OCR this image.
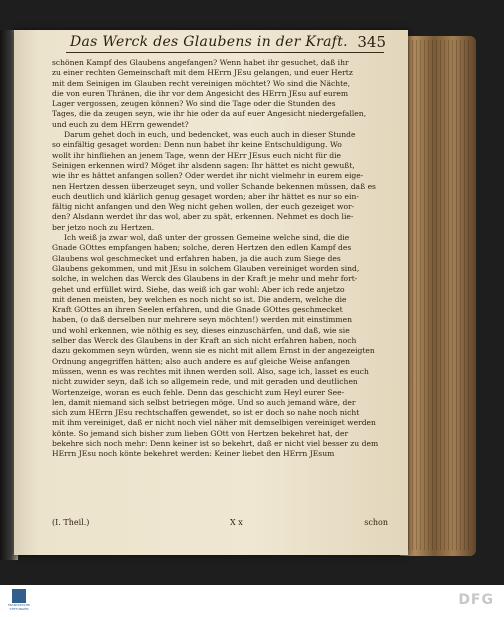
Das Werck des Glaubens in der Kraft. 345
schönen Kampf des Glaubens angefangen? Wenn habet ihr gesuchet, daß ihr
zu einer rechten Gemeinschaft mit dem HErrn JEsu gelangen, und euer Hertz
mit dem Seinigen im Glauben recht vereinigen möchtet? Wo sind die Nächte,
die von euren Thränen, die ihr vor dem Angesicht des HErrn JEsu auf eurem
Lager vergossen, zeugen können? Wo sind die Tage oder die Stunden des
Tages, die da zeugen seyn, wie ihr hie oder da auf euer Angesicht niedergefallen,
und euch zu dem HErrn gewendet?
Darum gehet doch in euch, und bedencket, was euch auch in dieser Stunde
so einfältig gesaget worden: Denn nun habet ihr keine Entschuldigung. Wo
wollt ihr hinfliehen an jenem Tage, wenn der HErr JEsus euch nicht für die
Seinigen erkennen wird? Möget ihr alsdenn sagen: Ihr hättet es nicht gewußt,
wie ihr es hättet anfangen sollen? Oder werdet ihr nicht vielmehr in eurem eige-
nen Hertzen dessen überzeuget seyn, und voller Schande bekennen müssen, daß es
euch deutlich und klärlich genug gesaget worden; aber ihr hättet es nur so ein-
fältig nicht anfangen und den Weg nicht gehen wollen, der euch gezeiget wor-
den? Alsdann werdet ihr das wol, aber zu spät, erkennen. Nehmet es doch lie-
ber jetzo noch zu Hertzen.
Ich weiß ja zwar wol, daß unter der grossen Gemeine welche sind, die die
Gnade GOttes empfangen haben; solche, deren Hertzen den edlen Kampf des
Glaubens wol geschmecket und erfahren haben, ja die auch zum Siege des
Glaubens gekommen, und mit JEsu in solchem Glauben vereiniget worden sind,
solche, in welchen das Werck des Glaubens in der Kraft je mehr und mehr fort-
gehet und erfüllet wird. Siehe, das weiß ich gar wohl: Aber ich rede anjetzo
mit denen meisten, bey welchen es noch nicht so ist. Die andern, welche die
Kraft GOttes an ihren Seelen erfahren, und die Gnade GOttes geschmecket
haben, (o daß derselben nur mehrere seyn möchten!) werden mit einstimmen
und wohl erkennen, wie nöthig es sey, dieses einzuschärfen, und daß, wie sie
selber das Werck des Glaubens in der Kraft an sich nicht erfahren haben, noch
dazu gekommen seyn würden, wenn sie es nicht mit allem Ernst in der angezeigten
Ordnung angegriffen hätten; also auch andere es auf gleiche Weise anfangen
müssen, wenn es was rechtes mit ihnen werden soll. Also, sage ich, lasset es euch
nicht zuwider seyn, daß ich so allgemein rede, und mit geraden und deutlichen
Wortenzeige, woran es euch fehle. Denn das geschicht zum Heyl eurer See-
len, damit niemand sich selbst betriegen möge. Und so auch jemand wäre, der
sich zum HErrn JEsu rechtschaffen gewendet, so ist er doch so nahe noch nicht
mit ihm vereiniget, daß er nicht noch viel näher mit demselbigen vereiniget werden
könte. So jemand sich bisher zum lieben GOtt von Hertzen bekehret hat, der
bekehre sich noch mehr: Denn keiner ist so bekehrt, daß er nicht viel besser zu dem
HErrn JEsu noch könte bekehret werden: Keiner liebet den HErrn JEsum
(I. Theil.)	X x	schon
FRANCKESCHE STIFTUNGEN
DFG
